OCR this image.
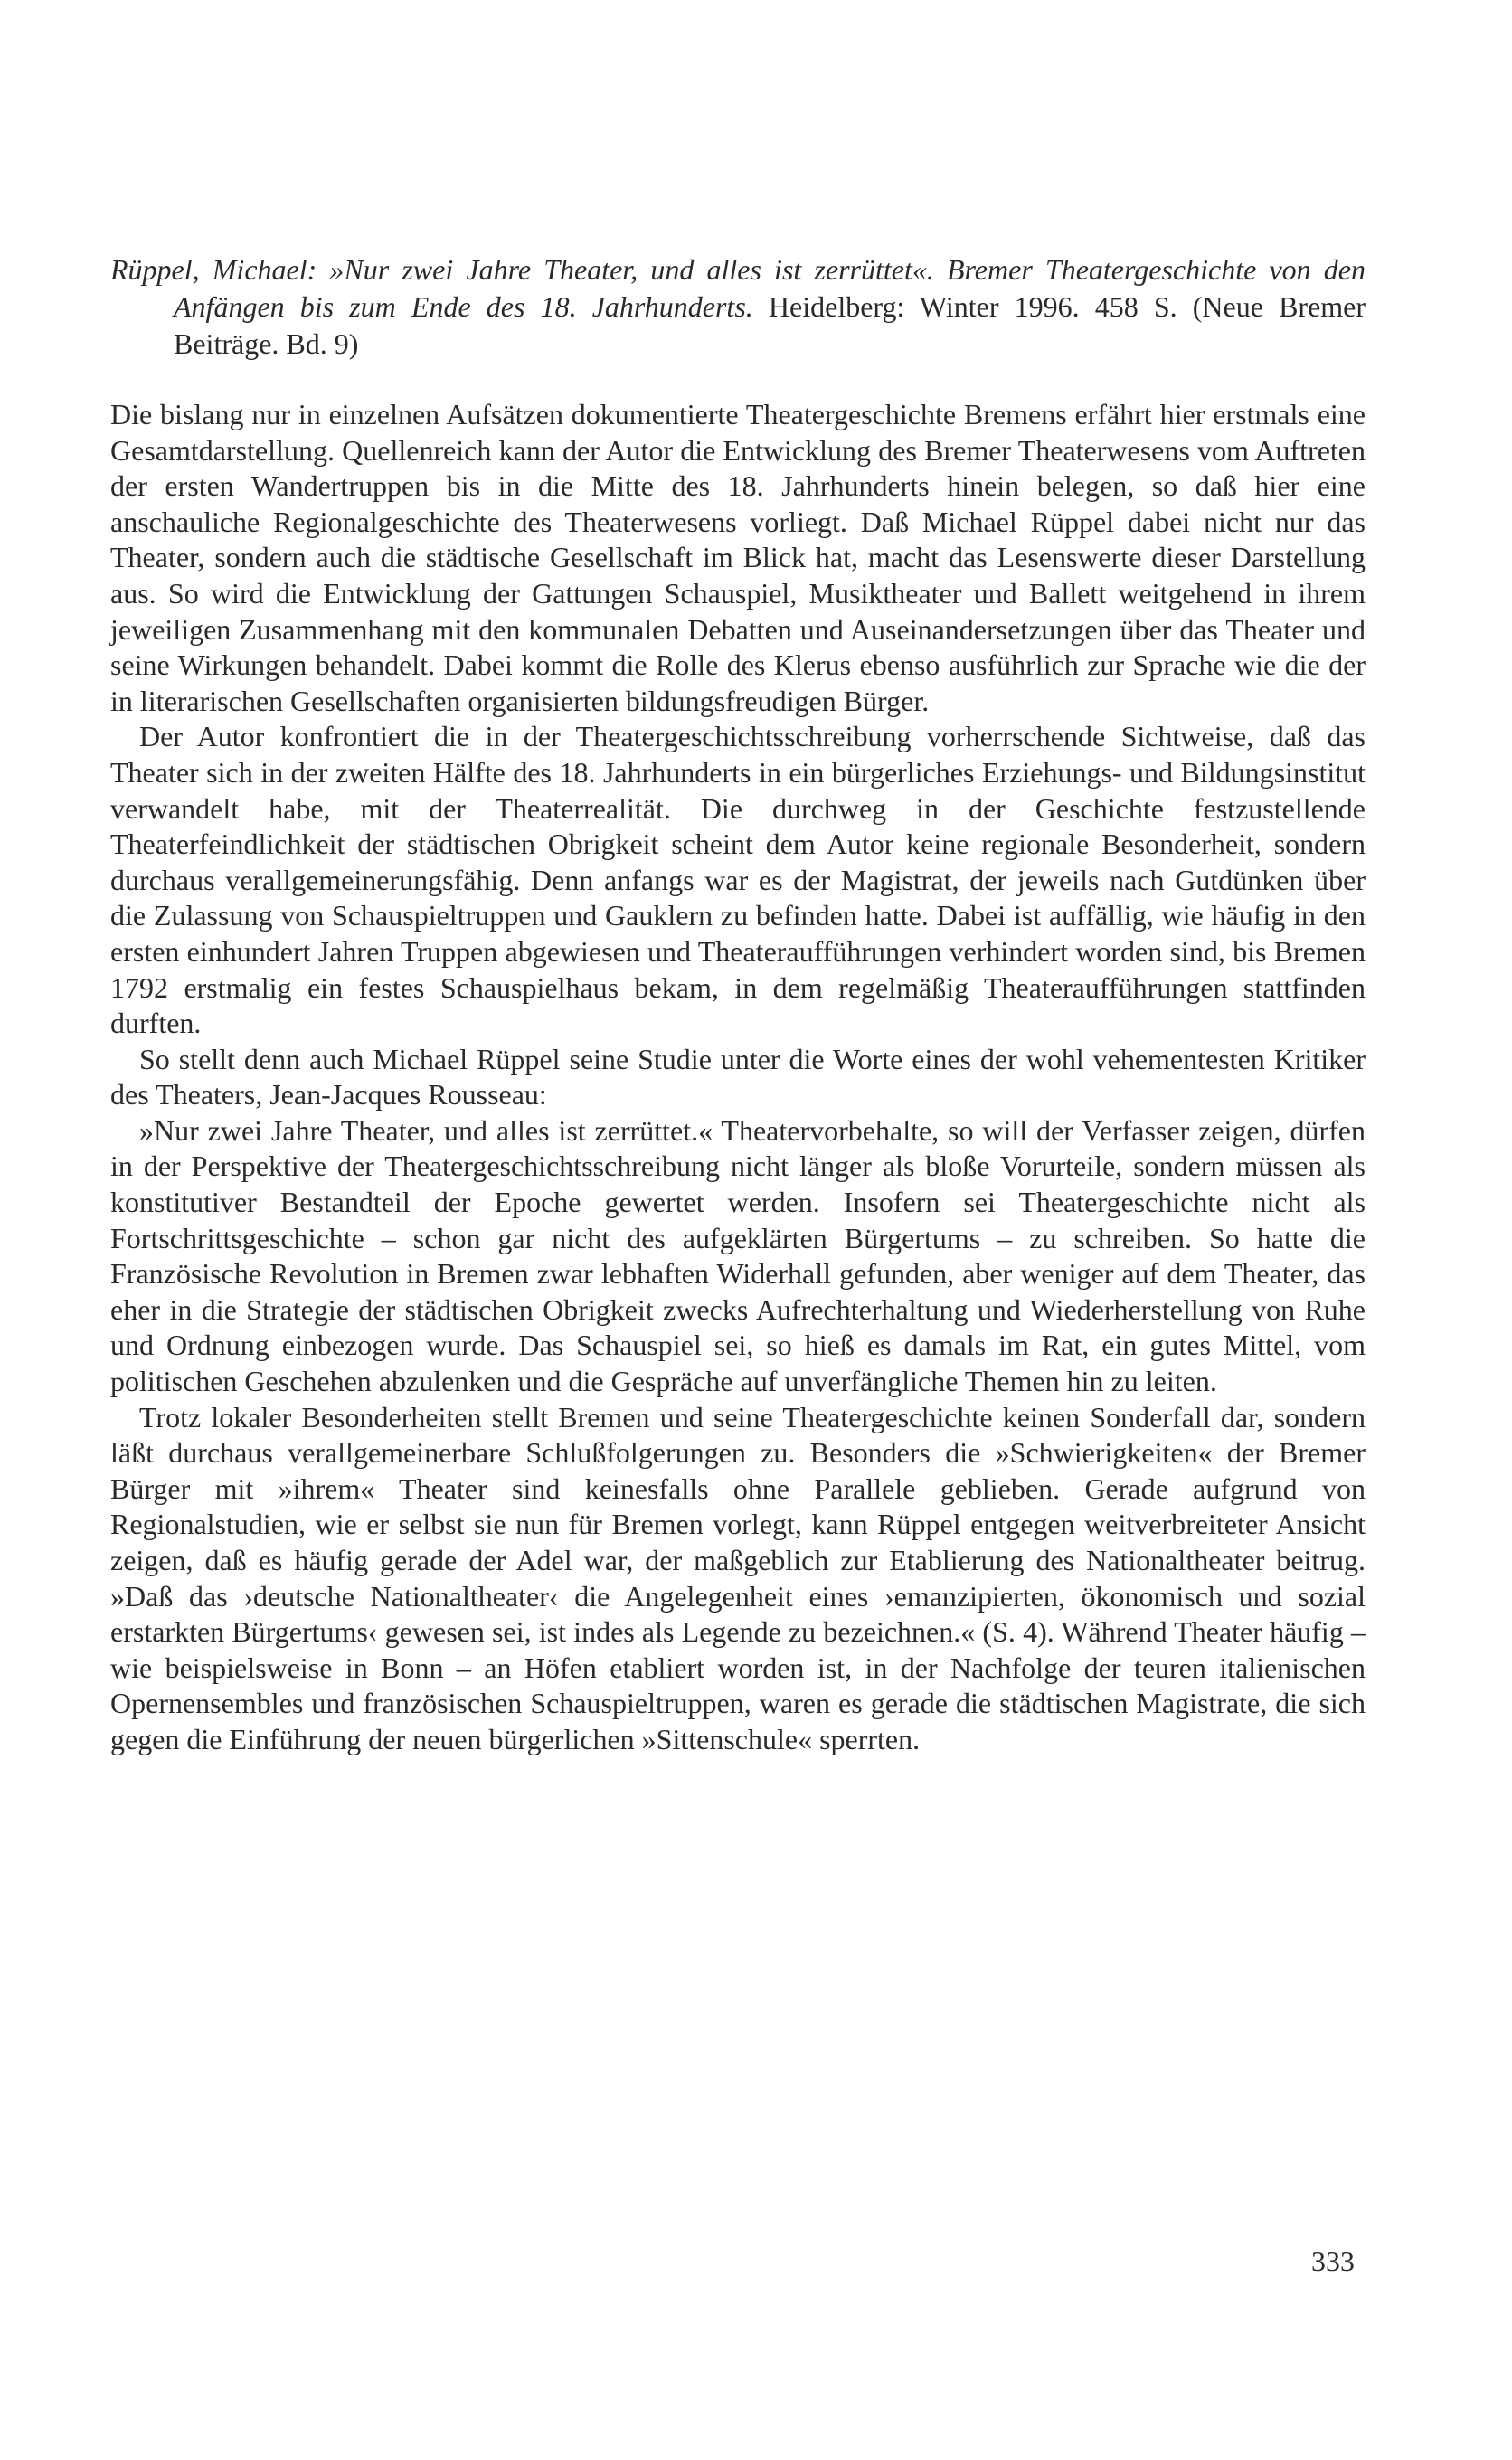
Rüppel, Michael: »Nur zwei Jahre Theater, und alles ist zerrüttet«. Bremer Theatergeschichte von den Anfängen bis zum Ende des 18. Jahrhunderts. Heidelberg: Winter 1996. 458 S. (Neue Bremer Beiträge. Bd. 9)

Die bislang nur in einzelnen Aufsätzen dokumentierte Theatergeschichte Bremens erfährt hier erstmals eine Gesamtdarstellung. Quellenreich kann der Autor die Entwicklung des Bremer Theaterwesens vom Auftreten der ersten Wandertruppen bis in die Mitte des 18. Jahrhunderts hinein belegen, so daß hier eine anschauliche Regionalgeschichte des Theaterwesens vorliegt. Daß Michael Rüppel dabei nicht nur das Theater, sondern auch die städtische Gesellschaft im Blick hat, macht das Lesenswerte dieser Darstellung aus. So wird die Entwicklung der Gattungen Schauspiel, Musiktheater und Ballett weitgehend in ihrem jeweiligen Zusammenhang mit den kommunalen Debatten und Auseinandersetzungen über das Theater und seine Wirkungen behandelt. Dabei kommt die Rolle des Klerus ebenso ausführlich zur Sprache wie die der in literarischen Gesellschaften organisierten bildungsfreudigen Bürger.

Der Autor konfrontiert die in der Theatergeschichtsschreibung vorherrschende Sichtweise, daß das Theater sich in der zweiten Hälfte des 18. Jahrhunderts in ein bürgerliches Erziehungs- und Bildungsinstitut verwandelt habe, mit der Theaterrealität. Die durchweg in der Geschichte festzustellende Theaterfeindlichkeit der städtischen Obrigkeit scheint dem Autor keine regionale Besonderheit, sondern durchaus verallgemeinerungsfähig. Denn anfangs war es der Magistrat, der jeweils nach Gutdünken über die Zulassung von Schauspieltruppen und Gauklern zu befinden hatte. Dabei ist auffällig, wie häufig in den ersten einhundert Jahren Truppen abgewiesen und Theateraufführungen verhindert worden sind, bis Bremen 1792 erstmalig ein festes Schauspielhaus bekam, in dem regelmäßig Theateraufführungen stattfinden durften.

So stellt denn auch Michael Rüppel seine Studie unter die Worte eines der wohl vehementesten Kritiker des Theaters, Jean-Jacques Rousseau:

»Nur zwei Jahre Theater, und alles ist zerrüttet.« Theatervorbehalte, so will der Verfasser zeigen, dürfen in der Perspektive der Theatergeschichtsschreibung nicht länger als bloße Vorurteile, sondern müssen als konstitutiver Bestandteil der Epoche gewertet werden. Insofern sei Theatergeschichte nicht als Fortschrittsgeschichte – schon gar nicht des aufgeklärten Bürgertums – zu schreiben. So hatte die Französische Revolution in Bremen zwar lebhaften Widerhall gefunden, aber weniger auf dem Theater, das eher in die Strategie der städtischen Obrigkeit zwecks Aufrechterhaltung und Wiederherstellung von Ruhe und Ordnung einbezogen wurde. Das Schauspiel sei, so hieß es damals im Rat, ein gutes Mittel, vom politischen Geschehen abzulenken und die Gespräche auf unverfängliche Themen hin zu leiten.

Trotz lokaler Besonderheiten stellt Bremen und seine Theatergeschichte keinen Sonderfall dar, sondern läßt durchaus verallgemeinerbare Schlußfolgerungen zu. Besonders die »Schwierigkeiten« der Bremer Bürger mit »ihrem« Theater sind keinesfalls ohne Parallele geblieben. Gerade aufgrund von Regionalstudien, wie er selbst sie nun für Bremen vorlegt, kann Rüppel entgegen weitverbreiteter Ansicht zeigen, daß es häufig gerade der Adel war, der maßgeblich zur Etablierung des Nationaltheater beitrug. »Daß das ›deutsche Nationaltheater‹ die Angelegenheit eines ›emanzipierten, ökonomisch und sozial erstarkten Bürgertums‹ gewesen sei, ist indes als Legende zu bezeichnen.« (S. 4). Während Theater häufig – wie beispielsweise in Bonn – an Höfen etabliert worden ist, in der Nachfolge der teuren italienischen Opernensembles und französischen Schauspieltruppen, waren es gerade die städtischen Magistrate, die sich gegen die Einführung der neuen bürgerlichen »Sittenschule« sperrten.

333
